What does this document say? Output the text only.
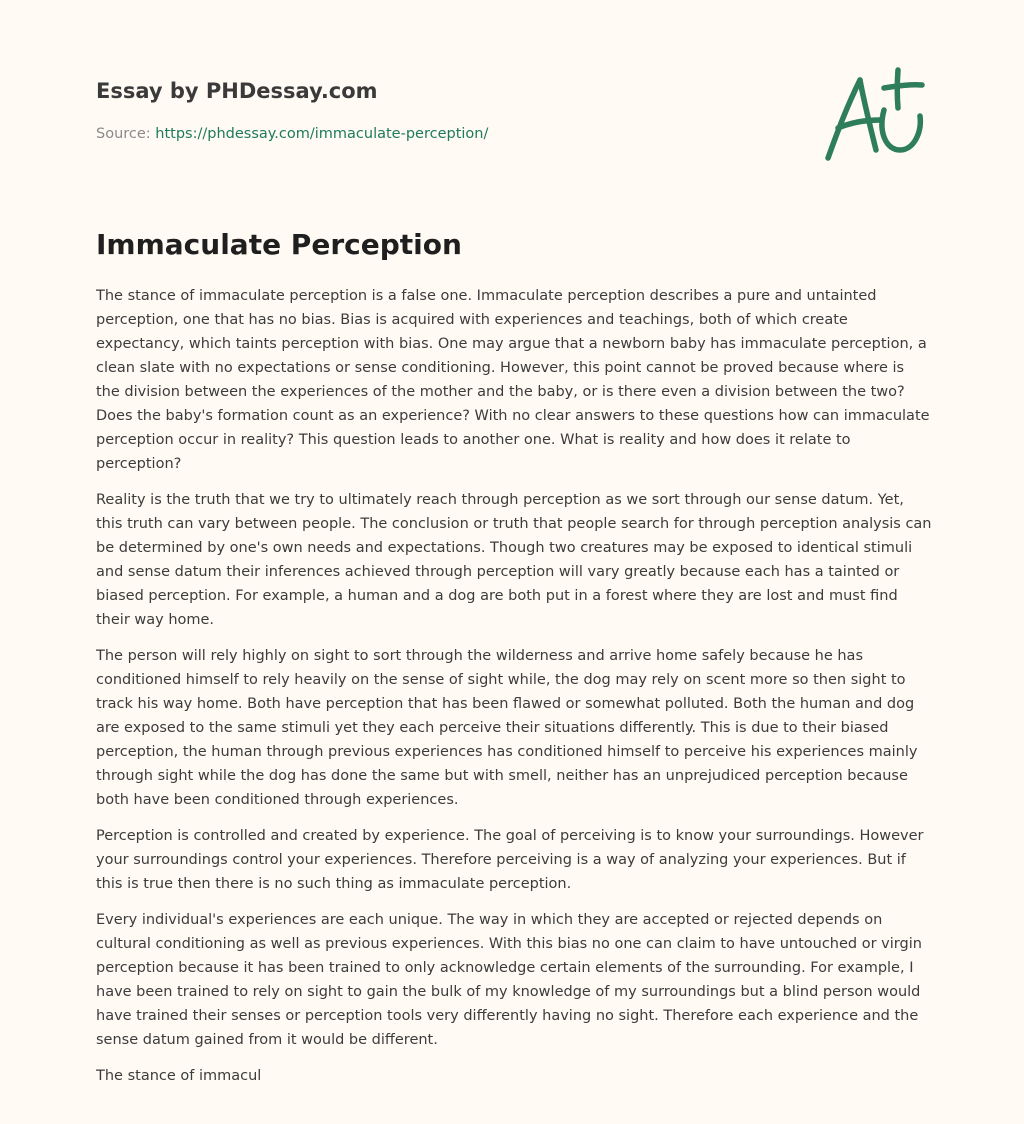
Essay by PHDessay.com
Source: https://phdessay.com/immaculate-perception/
Immaculate Perception

The stance of immaculate perception is a false one. Immaculate perception describes a pure and untainted perception, one that has no bias. Bias is acquired with experiences and teachings, both of which create expectancy, which taints perception with bias. One may argue that a newborn baby has immaculate perception, a clean slate with no expectations or sense conditioning. However, this point cannot be proved because where is the division between the experiences of the mother and the baby, or is there even a division between the two? Does the baby's formation count as an experience? With no clear answers to these questions how can immaculate perception occur in reality? This question leads to another one. What is reality and how does it relate to perception?

Reality is the truth that we try to ultimately reach through perception as we sort through our sense datum. Yet, this truth can vary between people. The conclusion or truth that people search for through perception analysis can be determined by one's own needs and expectations. Though two creatures may be exposed to identical stimuli and sense datum their inferences achieved through perception will vary greatly because each has a tainted or biased perception. For example, a human and a dog are both put in a forest where they are lost and must find their way home.

The person will rely highly on sight to sort through the wilderness and arrive home safely because he has conditioned himself to rely heavily on the sense of sight while, the dog may rely on scent more so then sight to track his way home. Both have perception that has been flawed or somewhat polluted. Both the human and dog are exposed to the same stimuli yet they each perceive their situations differently. This is due to their biased perception, the human through previous experiences has conditioned himself to perceive his experiences mainly through sight while the dog has done the same but with smell, neither has an unprejudiced perception because both have been conditioned through experiences.

Perception is controlled and created by experience. The goal of perceiving is to know your surroundings. However your surroundings control your experiences. Therefore perceiving is a way of analyzing your experiences. But if this is true then there is no such thing as immaculate perception.

Every individual's experiences are each unique. The way in which they are accepted or rejected depends on cultural conditioning as well as previous experiences. With this bias no one can claim to have untouched or virgin perception because it has been trained to only acknowledge certain elements of the surrounding. For example, I have been trained to rely on sight to gain the bulk of my knowledge of my surroundings but a blind person would have trained their senses or perception tools very differently having no sight. Therefore each experience and the sense datum gained from it would be different.

The stance of immacul
